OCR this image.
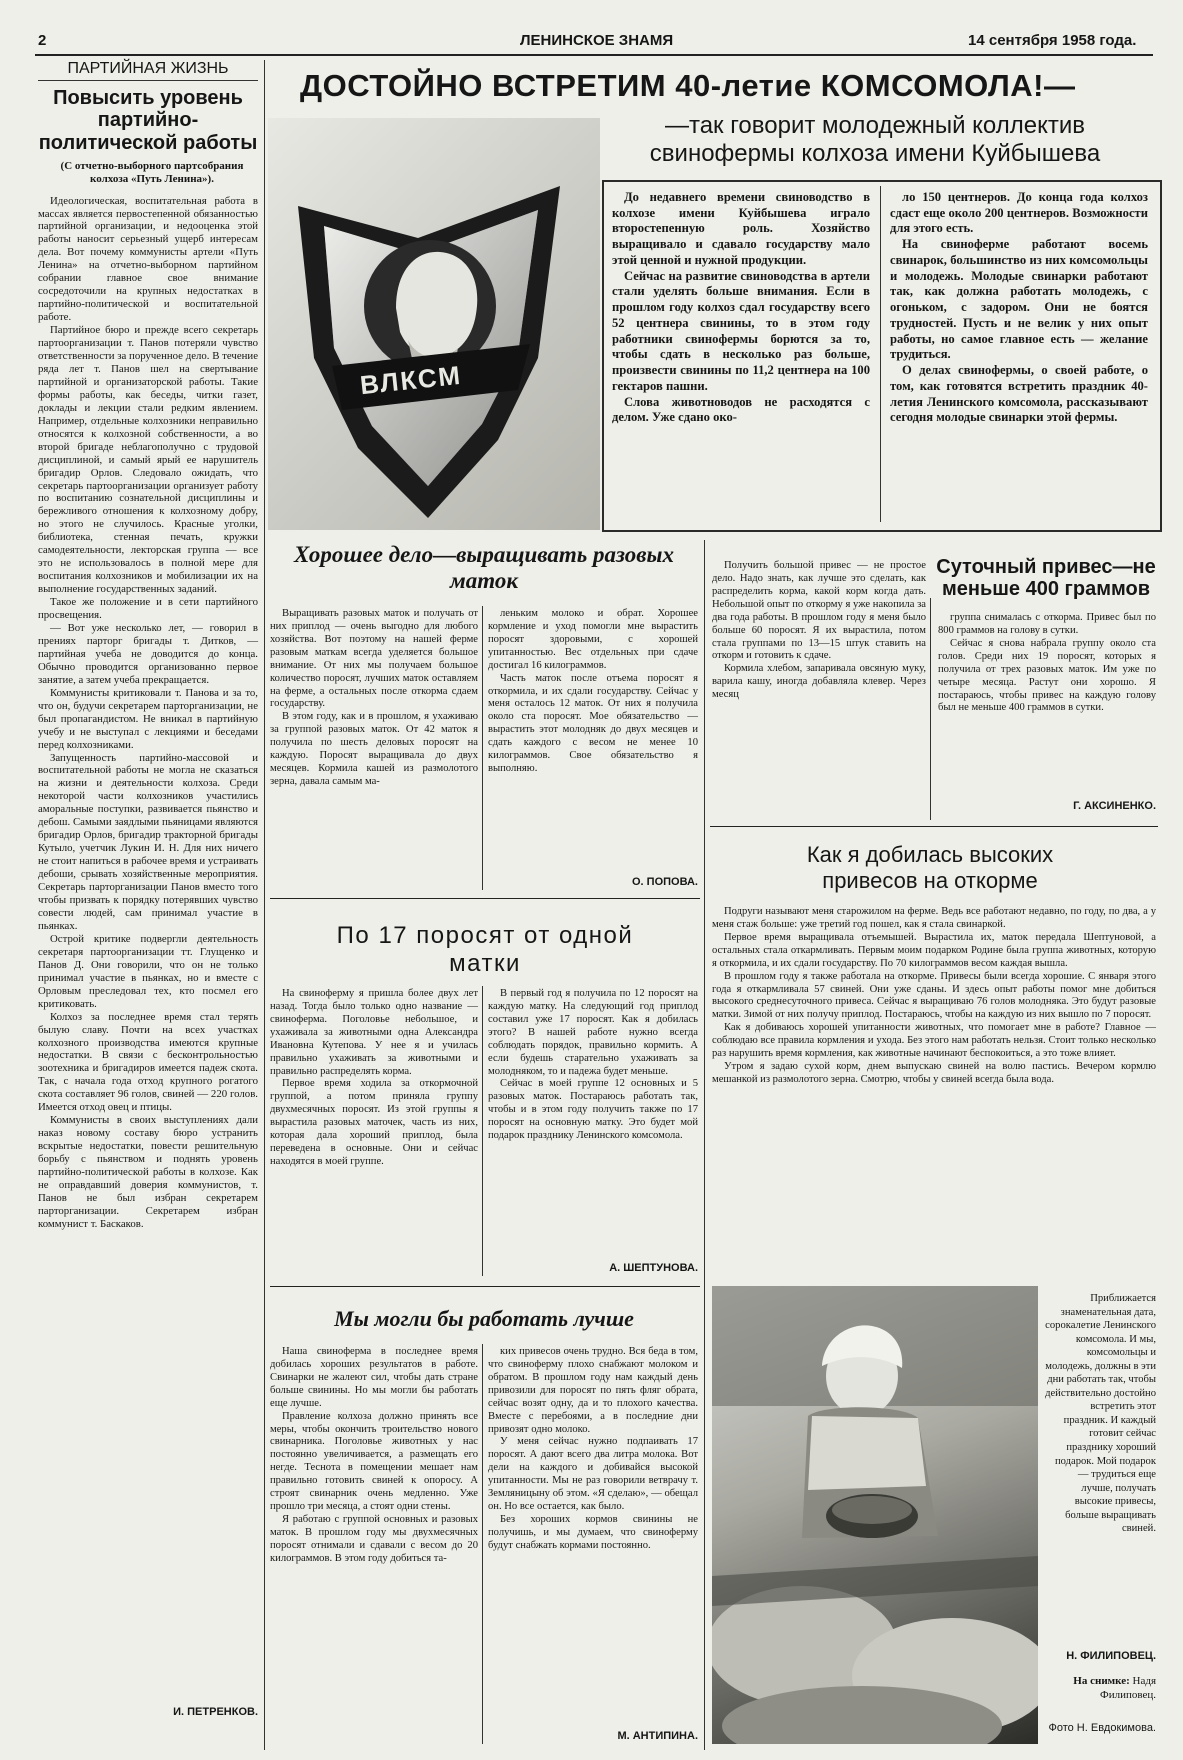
2	ЛЕНИНСКОЕ ЗНАМЯ	14 сентября 1958 года.
ПАРТИЙНАЯ ЖИЗНЬ
Повысить уровень партийно-политической работы
(С отчетно-выборного партсобрания колхоза «Путь Ленина»).

Идеологическая, воспитательная работа в массах является первостепенной обязанностью партийной организации, и недооценка этой работы наносит серьезный ущерб интересам дела. Вот почему коммунисты артели «Путь Ленина» на отчетно-выборном партийном собрании главное свое внимание сосредоточили на крупных недостатках в партийно-политической и воспитательной работе.

Партийное бюро и прежде всего секретарь партоорганизации т. Панов потеряли чувство ответственности за порученное дело. В течение ряда лет т. Панов шел на свертывание партийной и организаторской работы. Такие формы работы, как беседы, читки газет, доклады и лекции стали редким явлением. Например, отдельные колхозники неправильно относятся к колхозной собственности, а во второй бригаде неблагополучно с трудовой дисциплиной, и самый ярый ее нарушитель бригадир Орлов. Следовало ожидать, что секретарь партоорганизации организует работу по воспитанию сознательной дисциплины и бережливого отношения к колхозному добру, но этого не случилось. Красные уголки, библиотека, стенная печать, кружки самодеятельности, лекторская группа — все это не использовалось в полной мере для воспитания колхозников и мобилизации их на выполнение государственных заданий.

Такое же положение и в сети партийного просвещения.

— Вот уже несколько лет, — говорил в прениях парторг бригады т. Дитков, — партийная учеба не доводится до конца. Обычно проводится организованно первое занятие, а затем учеба прекращается.

Коммунисты критиковали т. Панова и за то, что он, будучи секретарем парторганизации, не был пропагандистом. Не вникал в партийную учебу и не выступал с лекциями и беседами перед колхозниками.

Запущенность партийно-массовой и воспитательной работы не могла не сказаться на жизни и деятельности колхоза. Среди некоторой части колхозников участились аморальные поступки, развивается пьянство и дебош. Самыми заядлыми пьяницами являются бригадир Орлов, бригадир тракторной бригады Кутыло, учетчик Лукин И. Н. Для них ничего не стоит напиться в рабочее время и устраивать дебоши, срывать хозяйственные мероприятия. Секретарь парторганизации Панов вместо того чтобы призвать к порядку потерявших чувство совести людей, сам принимал участие в пьянках.

Острой критике подвергли деятельность секретаря партоорганизации тт. Глущенко и Панов Д. Они говорили, что он не только принимал участие в пьянках, но и вместе с Орловым преследовал тех, кто посмел его критиковать.

Колхоз за последнее время стал терять былую славу. Почти на всех участках колхозного производства имеются крупные недостатки. В связи с бесконтрольностью зоотехника и бригадиров имеется падеж скота. Так, с начала года отход крупного рогатого скота составляет 96 голов, свиней — 220 голов. Имеется отход овец и птицы.

Коммунисты в своих выступлениях дали наказ новому составу бюро устранить вскрытые недостатки, повести решительную борьбу с пьянством и поднять уровень партийно-политической работы в колхозе. Как не оправдавший доверия коммунистов, т. Панов не был избран секретарем парторганизации. Секретарем избран коммунист т. Баскаков.

И. ПЕТРЕНКОВ.
ДОСТОЙНО ВСТРЕТИМ 40-летие КОМСОМОЛА!—
—так говорит молодежный коллектив
свинофермы колхоза имени Куйбышева
ВЛКСМ

До недавнего времени свиноводство в колхозе имени Куйбышева играло второстепенную роль. Хозяйство выращивало и сдавало государству мало этой ценной и нужной продукции.

Сейчас на развитие свиноводства в артели стали уделять больше внимания. Если в прошлом году колхоз сдал государству всего 52 центнера свинины, то в этом году работники свинофермы борются за то, чтобы сдать в несколько раз больше, произвести свинины по 11,2 центнера на 100 гектаров пашни.

Слова животноводов не расходятся с делом. Уже сдано око-

ло 150 центнеров. До конца года колхоз сдаст еще около 200 центнеров. Возможности для этого есть.

На свиноферме работают восемь свинарок, большинство из них комсомольцы и молодежь. Молодые свинарки работают так, как должна работать молодежь, с огоньком, с задором. Они не боятся трудностей. Пусть и не велик у них опыт работы, но самое главное есть — желание трудиться.

О делах свинофермы, о своей работе, о том, как готовятся встретить праздник 40-летия Ленинского комсомола, рассказывают сегодня молодые свинарки этой фермы.

Хорошее дело—выращивать разовых маток

Выращивать разовых маток и получать от них приплод — очень выгодно для любого хозяйства. Вот поэтому на нашей ферме разовым маткам всегда уделяется большое внимание. От них мы получаем большое количество поросят, лучших маток оставляем на ферме, а остальных после откорма сдаем государству.

В этом году, как и в прошлом, я ухаживаю за группой разовых маток. От 42 маток я получила по шесть деловых поросят на каждую. Поросят выращивала до двух месяцев. Кормила кашей из размолотого зерна, давала самым ма-

леньким молоко и обрат. Хорошее кормление и уход помогли мне вырастить поросят здоровыми, с хорошей упитанностью. Вес отдельных при сдаче достигал 16 килограммов.

Часть маток после отъема поросят я откормила, и их сдали государству. Сейчас у меня осталось 12 маток. От них я получила около ста поросят. Мое обязательство — вырастить этот молодняк до двух месяцев и сдать каждого с весом не менее 10 килограммов. Свое обязательство я выполняю.

О. ПОПОВА.
По 17 поросят от одной матки

На свиноферму я пришла более двух лет назад. Тогда было только одно название — свиноферма. Поголовье небольшое, и ухаживала за животными одна Александра Ивановна Кутепова. У нее я и училась правильно ухаживать за животными и правильно распределять корма.

Первое время ходила за откормочной группой, а потом приняла группу двухмесячных поросят. Из этой группы я вырастила разовых маточек, часть из них, которая дала хороший приплод, была переведена в основные. Они и сейчас находятся в моей группе.

В первый год я получила по 12 поросят на каждую матку. На следующий год приплод составил уже 17 поросят. Как я добилась этого? В нашей работе нужно всегда соблюдать порядок, правильно кормить. А если будешь старательно ухаживать за молодняком, то и падежа будет меньше.

Сейчас в моей группе 12 основных и 5 разовых маток. Постараюсь работать так, чтобы и в этом году получить также по 17 поросят на основную матку. Это будет мой подарок празднику Ленинского комсомола.

А. ШЕПТУНОВА.
Мы могли бы работать лучше

Наша свиноферма в последнее время добилась хороших результатов в работе. Свинарки не жалеют сил, чтобы дать стране больше свинины. Но мы могли бы работать еще лучше.

Правление колхоза должно принять все меры, чтобы окончить троительство нового свинарника. Поголовье животных у нас постоянно увеличивается, а размещать его негде. Теснота в помещении мешает нам правильно готовить свиней к опоросу. А строят свинарник очень медленно. Уже прошло три месяца, а стоят одни стены.

Я работаю с группой основных и разовых маток. В прошлом году мы двухмесячных поросят отнимали и сдавали с весом до 20 килограммов. В этом году добиться та-

ких привесов очень трудно. Вся беда в том, что свиноферму плохо снабжают молоком и обратом. В прошлом году нам каждый день привозили для поросят по пять фляг обрата, сейчас возят одну, да и то плохого качества. Вместе с перебоями, а в последние дни привозят одно молоко.

У меня сейчас нужно подпаивать 17 поросят. А дают всего два литра молока. Вот дели на каждого и добивайся высокой упитанности. Мы не раз говорили ветврачу т. Земляницыну об этом. «Я сделаю», — обещал он. Но все остается, как было.

Без хороших кормов свинины не получишь, и мы думаем, что свиноферму будут снабжать кормами постоянно.

М. АНТИПИНА.

Получить большой привес — не простое дело. Надо знать, как лучше это сделать, как распределить корма, какой корм когда дать. Небольшой опыт по откорму я уже накопила за два года работы. В прошлом году я меня было больше 60 поросят. Я их вырастила, потом стала группами по 13—15 штук ставить на откорм и готовить к сдаче.

Кормила хлебом, запаривала овсяную муку, варила кашу, иногда добавляла клевер. Через месяц

Суточный привес—не меньше 400 граммов

группа снималась с откорма. Привес был по 800 граммов на голову в сутки.

Сейчас я снова набрала группу около ста голов. Среди них 19 поросят, которых я получила от трех разовых маток. Им уже по четыре месяца. Растут они хорошо. Я постараюсь, чтобы привес на каждую голову был не меньше 400 граммов в сутки.

Г. АКСИНЕНКО.
Как я добилась высоких привесов на откорме

Подруги называют меня старожилом на ферме. Ведь все работают недавно, по году, по два, а у меня стаж больше: уже третий год пошел, как я стала свинаркой.

Первое время выращивала отъемышей. Вырастила их, маток передала Шептуновой, а остальных стала откармливать. Первым моим подарком Родине была группа животных, которую я откормила, и их сдали государству. По 70 килограммов весом каждая вышла.

В прошлом году я также работала на откорме. Привесы были всегда хорошие. С января этого года я откармливала 57 свиней. Они уже сданы. И здесь опыт работы помог мне добиться высокого среднесуточного привеса. Сейчас я выращиваю 76 голов молодняка. Это будут разовые матки. Зимой от них получу приплод. Постараюсь, чтобы на каждую из них вышло по 7 поросят.

Как я добиваюсь хорошей упитанности животных, что помогает мне в работе? Главное — соблюдаю все правила кормления и ухода. Без этого нам работать нельзя. Стоит только несколько раз нарушить время кормления, как животные начинают беспокоиться, а это тоже влияет.

Утром я задаю сухой корм, днем выпускаю свиней на волю пастись. Вечером кормлю мешанкой из размолотого зерна. Смотрю, чтобы у свиней всегда была вода.

Приближается знаменательная дата, сорокалетие Ленинского комсомола. И мы, комсомольцы и молодежь, должны в эти дни работать так, чтобы действительно достойно встретить этот праздник. И каждый готовит сейчас празднику хороший подарок. Мой подарок — трудиться еще лучше, получать высокие привесы, больше выращивать свиней.
Н. ФИЛИПОВЕЦ.
На снимке: Надя Филиповец.
Фото Н. Евдокимова.
